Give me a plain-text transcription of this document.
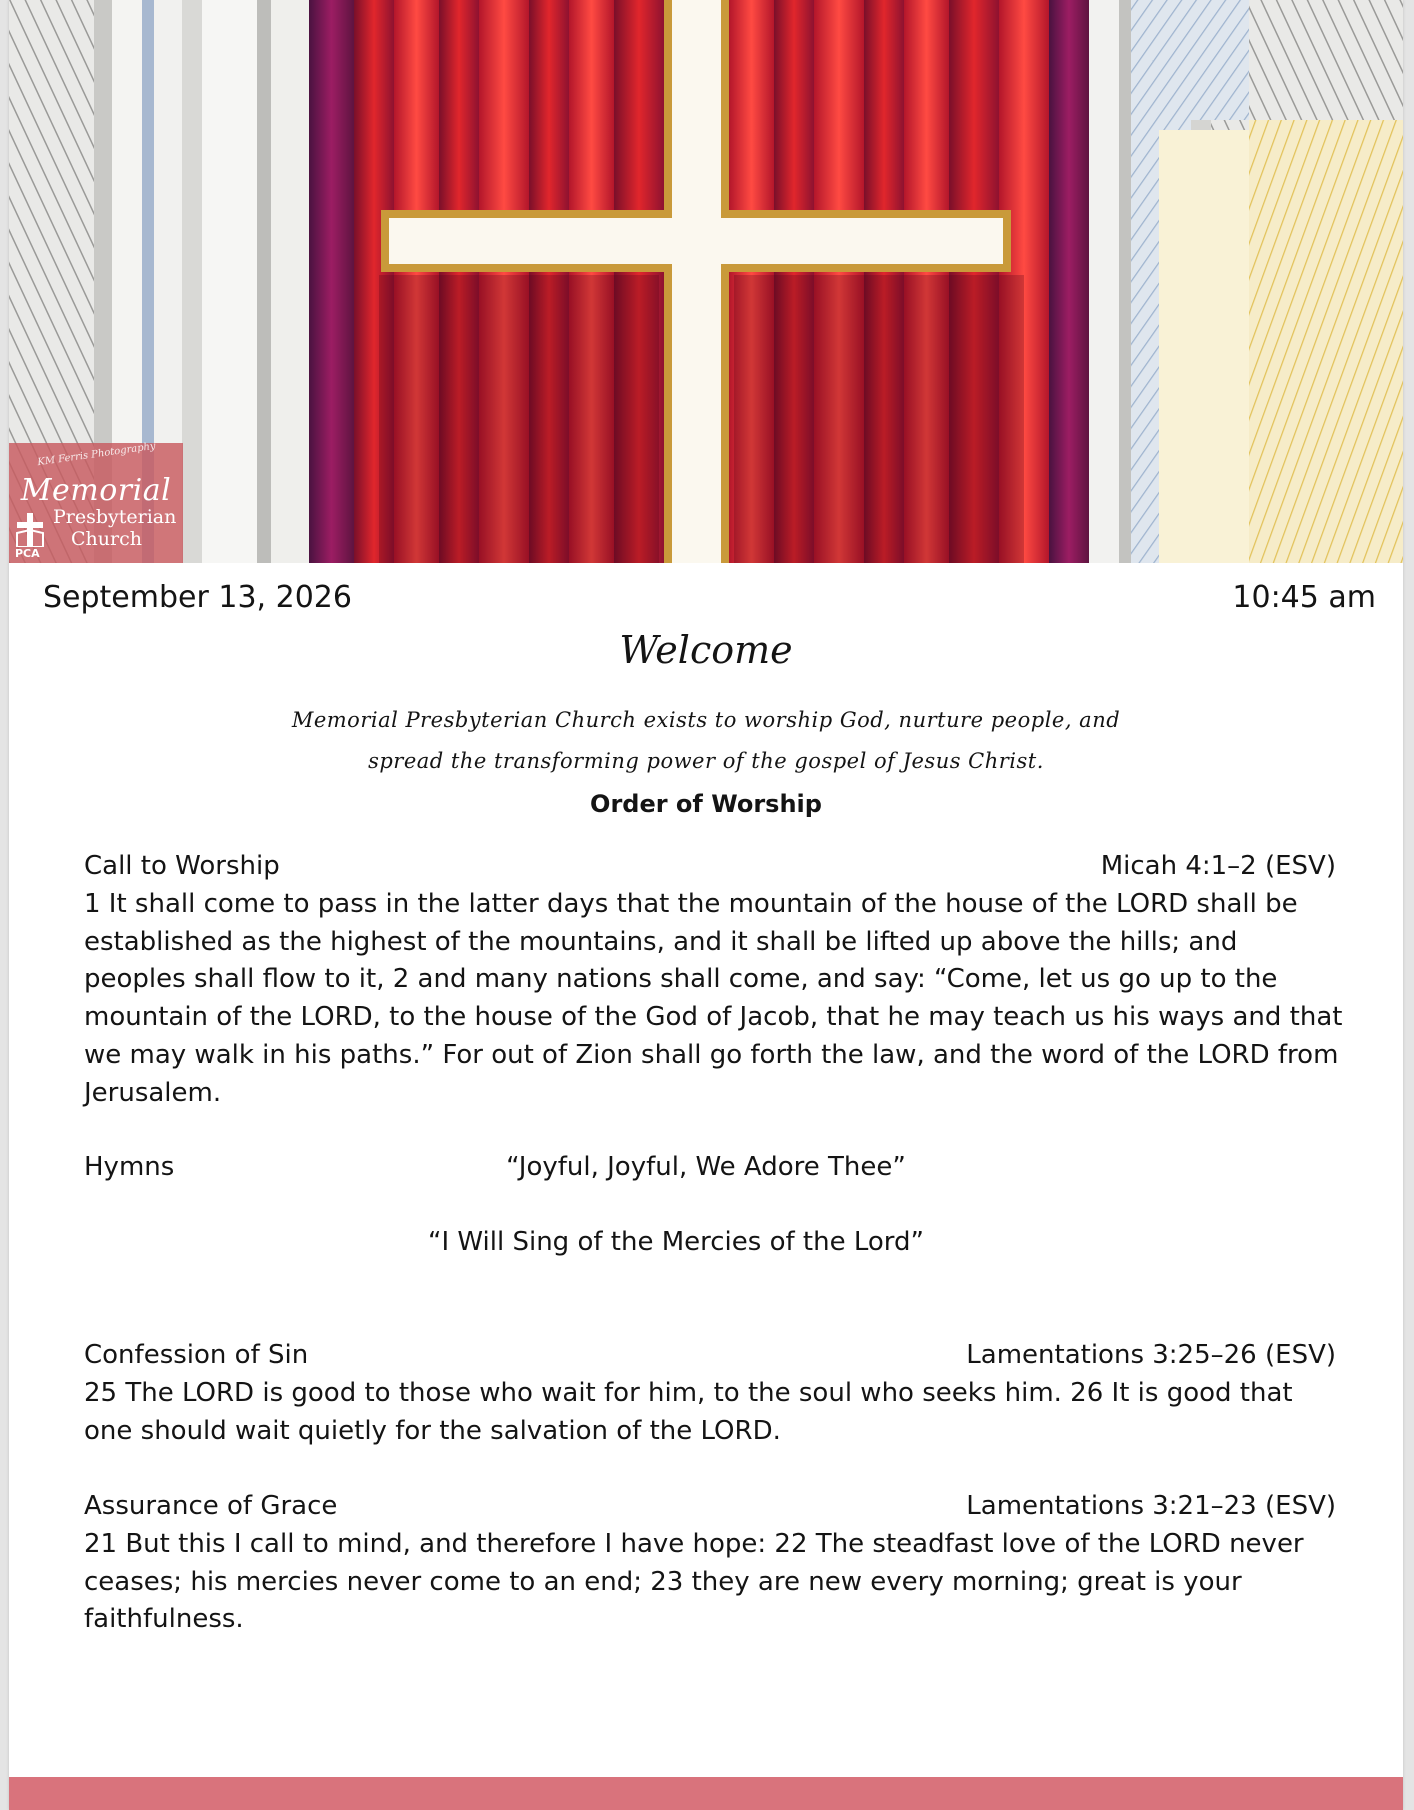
KM Ferris Photography
Memorial
Presbyterian
Church
PCA
September 13, 2026	10:45 am
Welcome
Memorial Presbyterian Church exists to worship God, nurture people, and
spread the transforming power of the gospel of Jesus Christ.
Order of Worship
Call to Worship	Micah 4:1–2 (ESV)
1 It shall come to pass in the latter days that the mountain of the house of the LORD shall be established as the highest of the mountains, and it shall be lifted up above the hills; and peoples shall flow to it, 2 and many nations shall come, and say: “Come, let us go up to the mountain of the LORD, to the house of the God of Jacob, that he may teach us his ways and that we may walk in his paths.” For out of Zion shall go forth the law, and the word of the LORD from Jerusalem.
Hymns	“Joyful, Joyful, We Adore Thee”
“I Will Sing of the Mercies of the Lord”
Confession of Sin	Lamentations 3:25–26 (ESV)
25 The LORD is good to those who wait for him, to the soul who seeks him. 26 It is good that one should wait quietly for the salvation of the LORD.
Assurance of Grace	Lamentations 3:21–23 (ESV)
21 But this I call to mind, and therefore I have hope: 22 The steadfast love of the LORD never ceases; his mercies never come to an end; 23 they are new every morning; great is your faithfulness.
